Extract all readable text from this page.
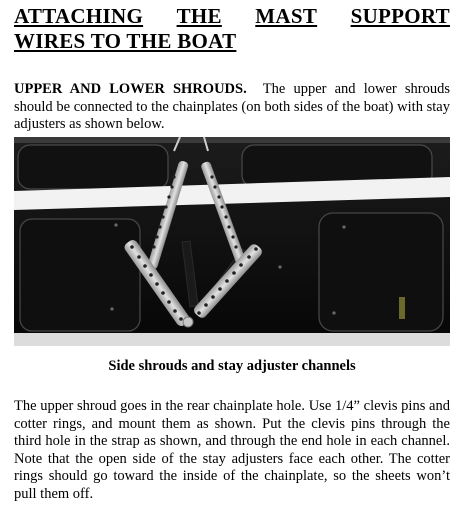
ATTACHING THE MAST SUPPORT
WIRES TO THE BOAT
UPPER AND LOWER SHROUDS. The upper and lower shrouds should be connected to the chainplates (on both sides of the boat) with stay adjusters as shown below.
Side shrouds and stay adjuster channels
The upper shroud goes in the rear chainplate hole. Use 1/4” clevis pins and cotter rings, and mount them as shown. Put the clevis pins through the third hole in the strap as shown, and through the end hole in each channel. Note that the open side of the stay adjusters face each other. The cotter rings should go toward the inside of the chainplate, so the sheets won’t pull them off.
